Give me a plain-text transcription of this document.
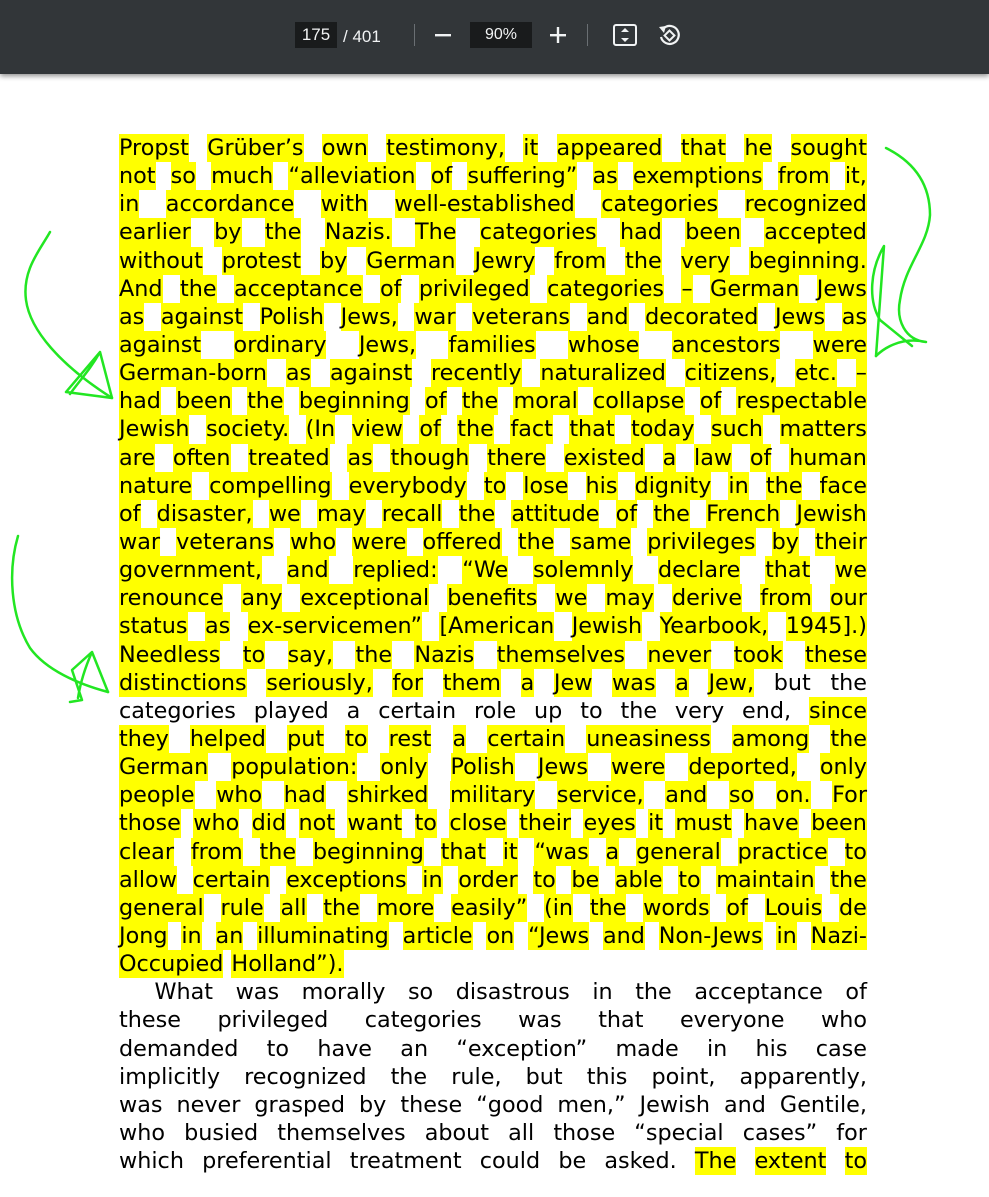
175 / 401	90%
Propst Grüber’s own testimony, it appeared that he sought
not so much “alleviation of suffering” as exemptions from it,
in accordance with well-established categories recognized
earlier by the Nazis. The categories had been accepted
without protest by German Jewry from the very beginning.
And the acceptance of privileged categories – German Jews
as against Polish Jews, war veterans and decorated Jews as
against ordinary Jews, families whose ancestors were
German-born as against recently naturalized citizens, etc. –
had been the beginning of the moral collapse of respectable
Jewish society. (In view of the fact that today such matters
are often treated as though there existed a law of human
nature compelling everybody to lose his dignity in the face
of disaster, we may recall the attitude of the French Jewish
war veterans who were offered the same privileges by their
government, and replied: “We solemnly declare that we
renounce any exceptional benefits we may derive from our
status as ex-servicemen” [American Jewish Yearbook, 1945].)
Needless to say, the Nazis themselves never took these
distinctions seriously, for them a Jew was a Jew, but the
categories played a certain role up to the very end, since
they helped put to rest a certain uneasiness among the
German population: only Polish Jews were deported, only
people who had shirked military service, and so on. For
those who did not want to close their eyes it must have been
clear from the beginning that it “was a general practice to
allow certain exceptions in order to be able to maintain the
general rule all the more easily” (in the words of Louis de
Jong in an illuminating article on “Jews and Non-Jews in Nazi-
Occupied Holland”).
What was morally so disastrous in the acceptance of
these privileged categories was that everyone who
demanded to have an “exception” made in his case
implicitly recognized the rule, but this point, apparently,
was never grasped by these “good men,” Jewish and Gentile,
who busied themselves about all those “special cases” for
which preferential treatment could be asked. The extent to
